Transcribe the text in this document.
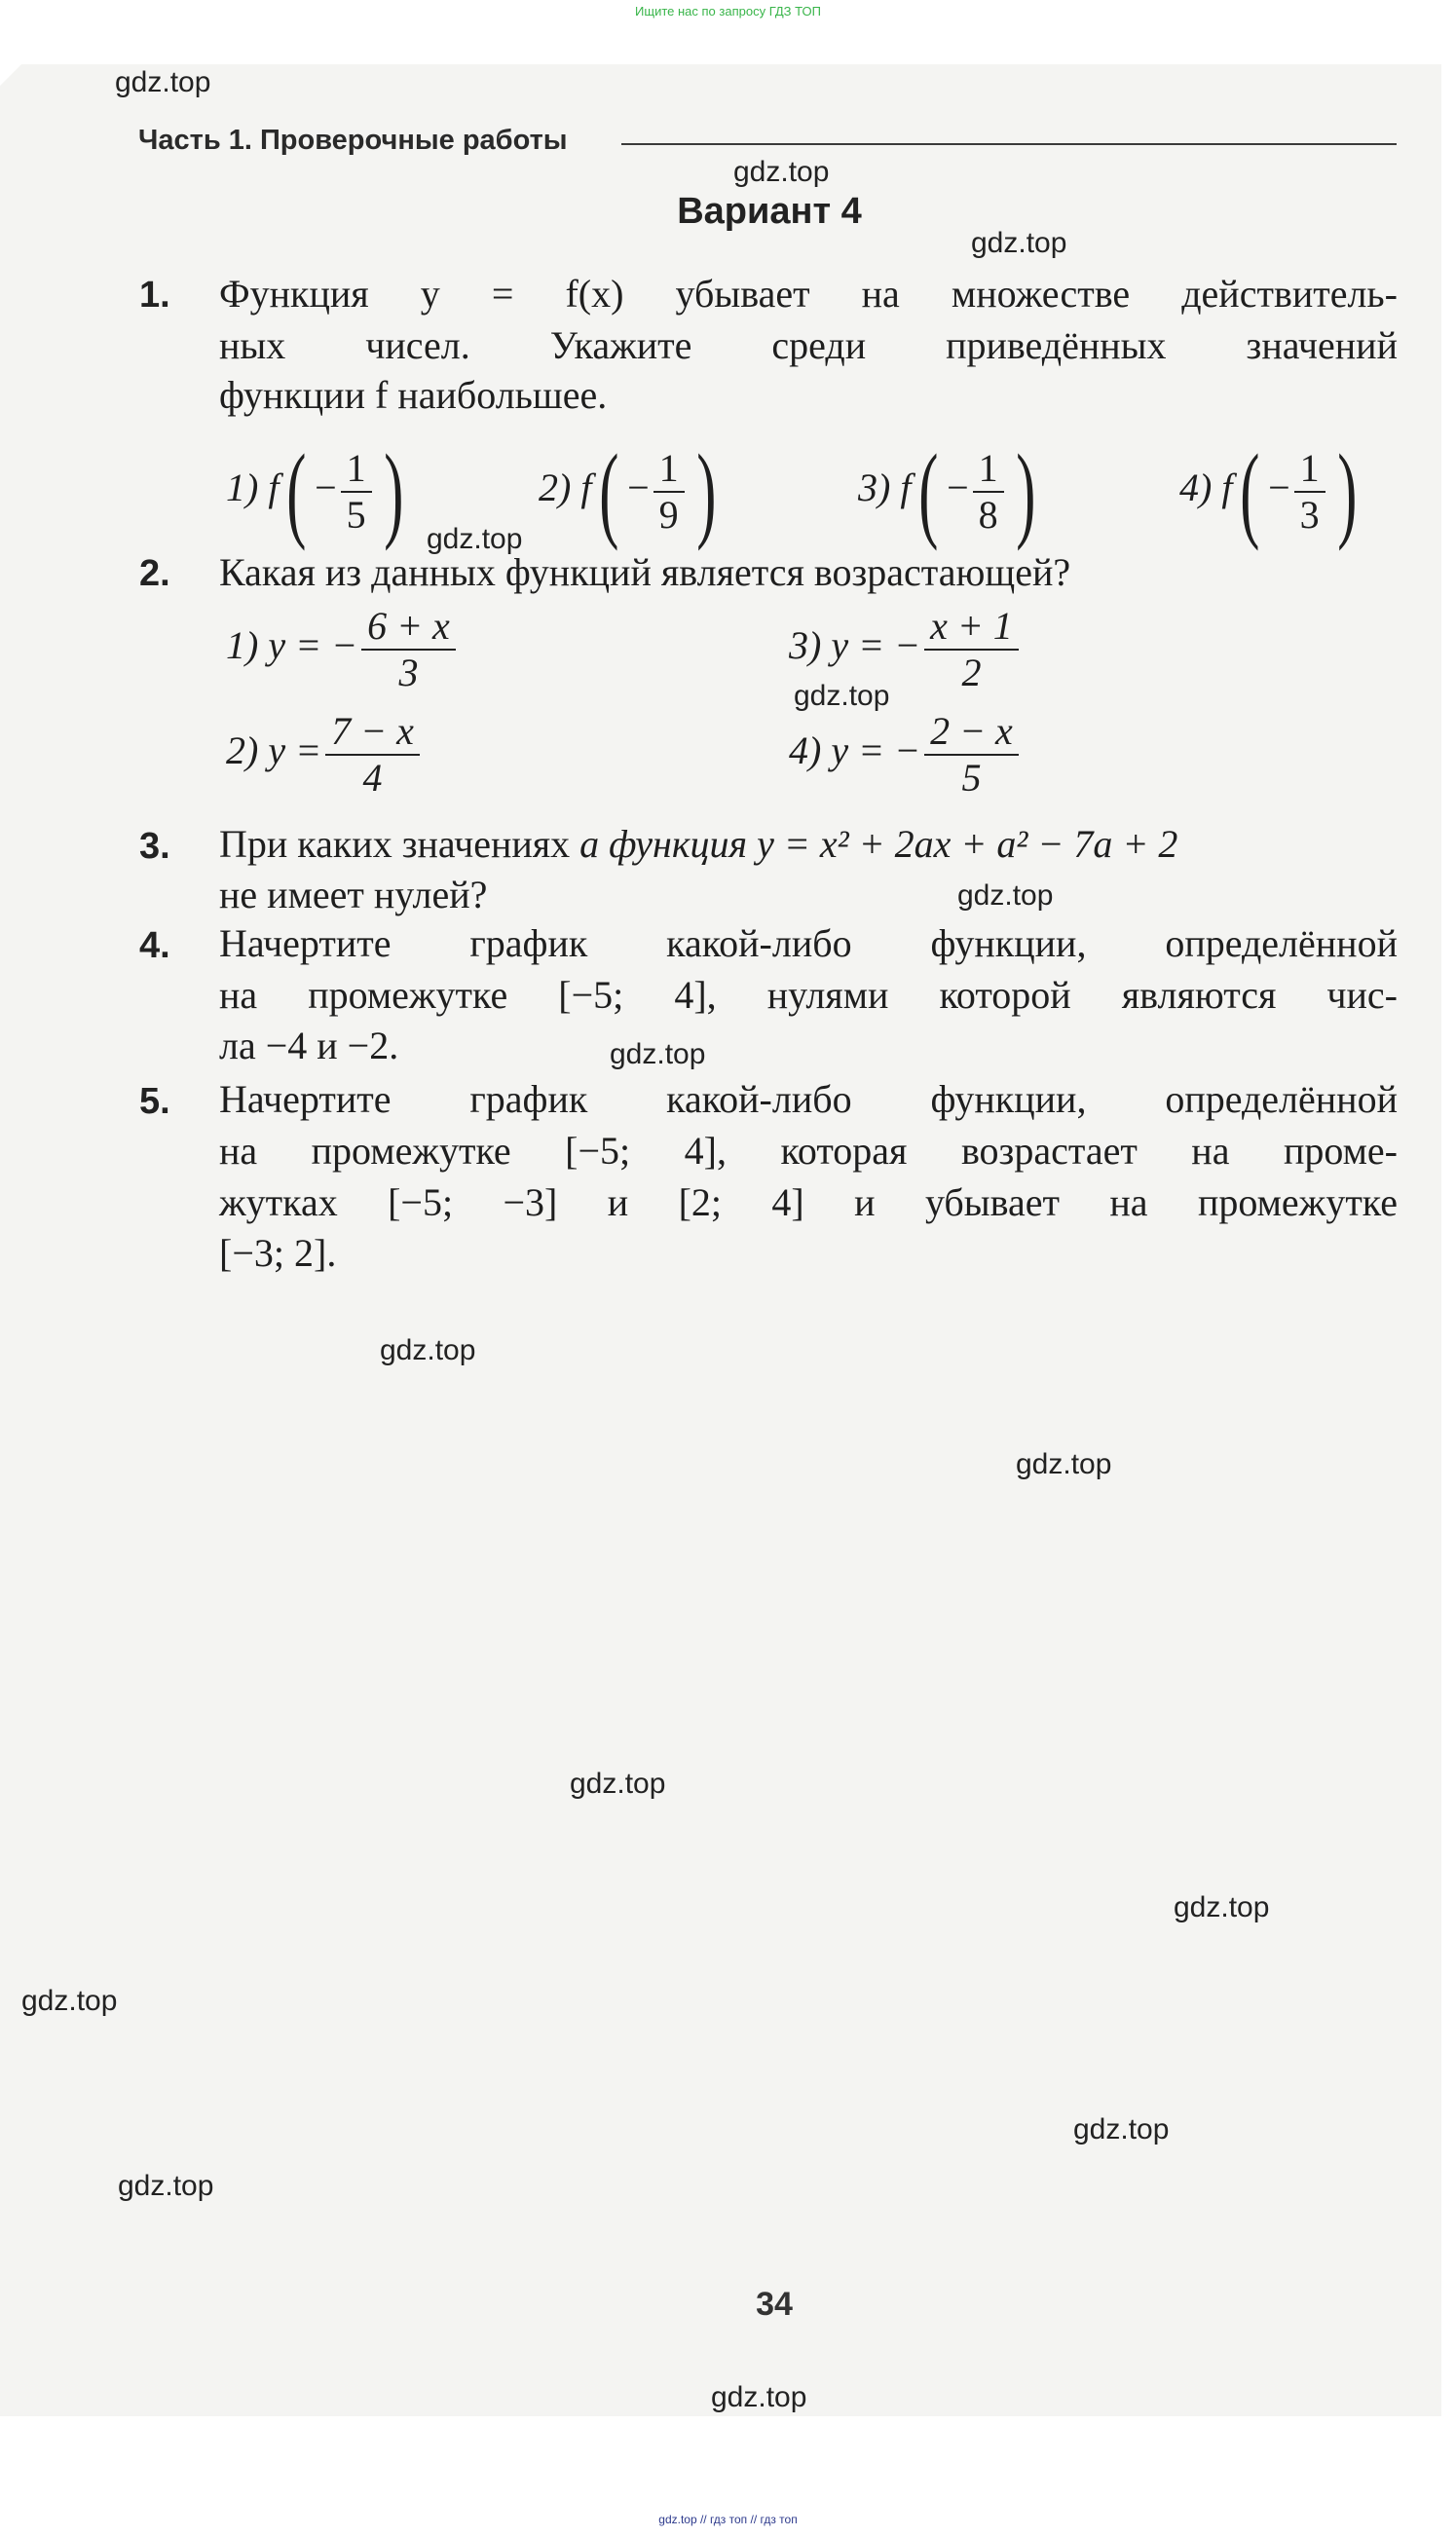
Ищите нас по запросу ГДЗ ТОП
Часть 1. Проверочные работы
Вариант 4
1. Функция y = f(x) убывает на множестве действитель-
ных чисел. Укажите среди приведённых значений
функции f наибольшее.
1) $f( - \frac{1}{5}$ )	2) $f( - \frac{1}{9}$ )	3) $f( - \frac{1}{8}$ )	4) $f( - \frac{1}{3}$ )
2. Какая из данных функций является возрастающей?
1) y = − $\frac{6 + x}{3}$	3) y = − $\frac{x + 1}{2}$
2) $y = \frac{7 - x}{4}$	4) y = − $\frac{2 - x}{5}$
3. При каких значениях a функция y = x² + 2ax + a² − 7a + 2
не имеет нулей?
4. Начертите график какой-либо функции, определённой
на промежутке [−5; 4], нулями которой являются чис-
ла −4 и −2.
5. Начертите график какой-либо функции, определённой
на промежутке [−5; 4], которая возрастает на проме-
жутках [−5; −3] и [2; 4] и убывает на промежутке
[−3; 2].
34
gdz.top
gdz.top
gdz.top
gdz.top
gdz.top
gdz.top
gdz.top
gdz.top
gdz.top
gdz.top
gdz.top
gdz.top
gdz.top
gdz.top
gdz.top
gdz.top // гдз топ // гдз топ
